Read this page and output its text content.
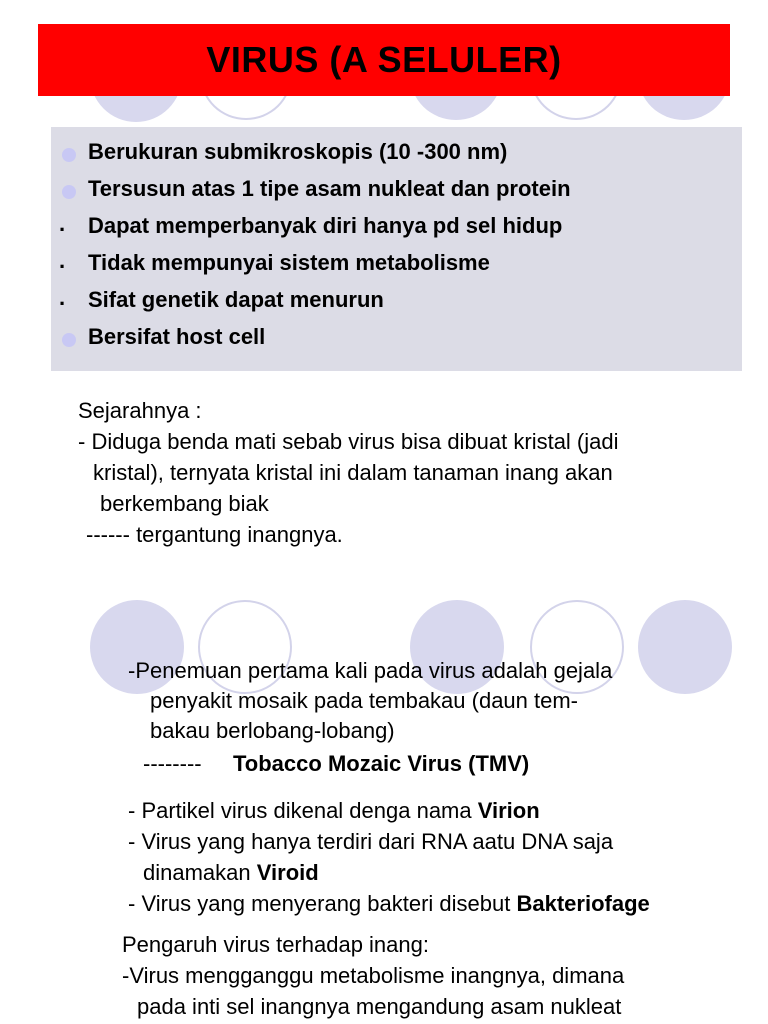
VIRUS (A SELULER)
Berukuran submikroskopis (10 -300 nm)
Tersusun atas 1 tipe asam nukleat dan protein
. Dapat memperbanyak diri hanya pd sel hidup
. Tidak mempunyai sistem metabolisme
. Sifat genetik dapat menurun
Bersifat host cell
Sejarahnya :
- Diduga benda mati sebab virus bisa dibuat kristal (jadi
kristal), ternyata kristal ini dalam tanaman inang akan
berkembang biak
------ tergantung inangnya.
-Penemuan pertama kali pada virus adalah gejala
penyakit mosaik pada tembakau (daun tem-
bakau berlobang-lobang)
-------- Tobacco Mozaic Virus (TMV)
- Partikel virus dikenal denga nama Virion
- Virus yang hanya terdiri dari RNA aatu DNA saja
dinamakan Viroid
- Virus yang menyerang bakteri disebut Bakteriofage
Pengaruh virus terhadap inang:
-Virus mengganggu metabolisme inangnya, dimana
pada inti sel inangnya mengandung asam nukleat
